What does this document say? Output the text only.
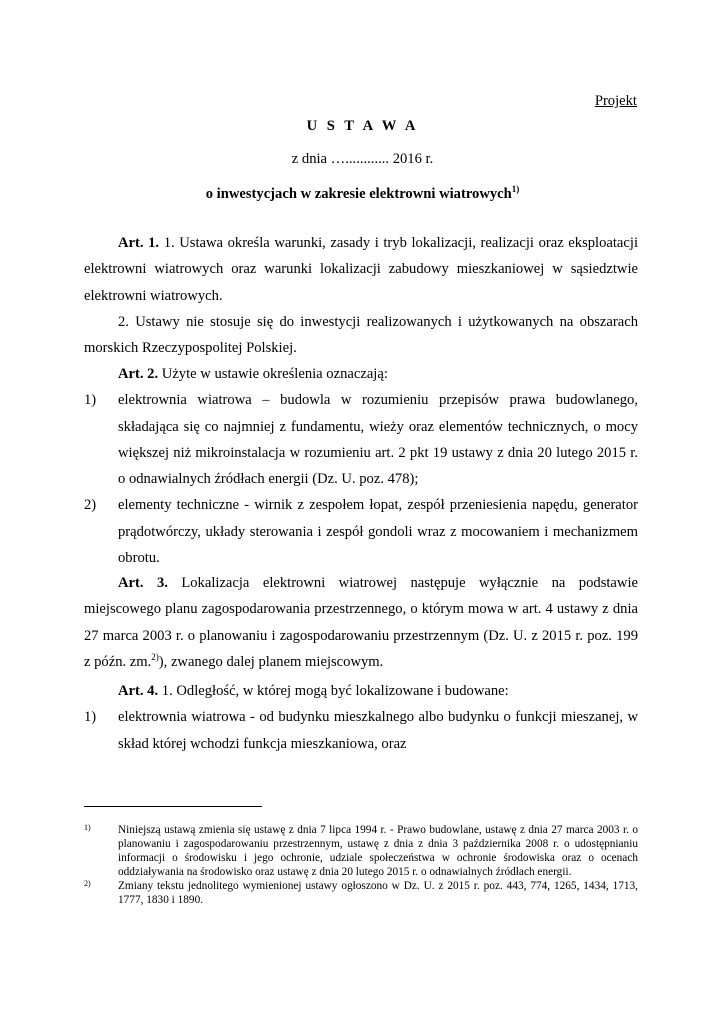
Projekt
U S T A W A
z dnia …............ 2016 r.
o inwestycjach w zakresie elektrowni wiatrowych$^{1)}$

Art. 1. 1. Ustawa określa warunki, zasady i tryb lokalizacji, realizacji oraz eksploatacji elektrowni wiatrowych oraz warunki lokalizacji zabudowy mieszkaniowej w sąsiedztwie elektrowni wiatrowych.

2. Ustawy nie stosuje się do inwestycji realizowanych i użytkowanych na obszarach morskich Rzeczypospolitej Polskiej.

Art. 2. Użyte w ustawie określenia oznaczają:

1) elektrownia wiatrowa – budowla w rozumieniu przepisów prawa budowlanego, składająca się co najmniej z fundamentu, wieży oraz elementów technicznych, o mocy większej niż mikroinstalacja w rozumieniu art. 2 pkt 19 ustawy z dnia 20 lutego 2015 r. o odnawialnych źródłach energii (Dz. U. poz. 478);
2) elementy techniczne - wirnik z zespołem łopat, zespół przeniesienia napędu, generator prądotwórczy, układy sterowania i zespół gondoli wraz z mocowaniem i mechanizmem obrotu.

Art. 3. Lokalizacja elektrowni wiatrowej następuje wyłącznie na podstawie miejscowego planu zagospodarowania przestrzennego, o którym mowa w art. 4 ustawy z dnia 27 marca 2003 r. o planowaniu i zagospodarowaniu przestrzennym (Dz. U. z 2015 r. poz. 199 z późn. zm.$^{2)}$), zwanego dalej planem miejscowym.

Art. 4. 1. Odległość, w której mogą być lokalizowane i budowane:

1) elektrownia wiatrowa - od budynku mieszkalnego albo budynku o funkcji mieszanej, w skład której wchodzi funkcja mieszkaniowa, oraz

1) Niniejszą ustawą zmienia się ustawę z dnia 7 lipca 1994 r. - Prawo budowlane, ustawę z dnia 27 marca 2003 r. o planowaniu i zagospodarowaniu przestrzennym, ustawę z dnia z dnia 3 października 2008 r. o udostępnianiu informacji o środowisku i jego ochronie, udziale społeczeństwa w ochronie środowiska oraz o ocenach oddziaływania na środowisko oraz ustawę z dnia 20 lutego 2015 r. o odnawialnych źródłach energii.

2) Zmiany tekstu jednolitego wymienionej ustawy ogłoszono w Dz. U. z 2015 r. poz. 443, 774, 1265, 1434, 1713, 1777, 1830 i 1890.
